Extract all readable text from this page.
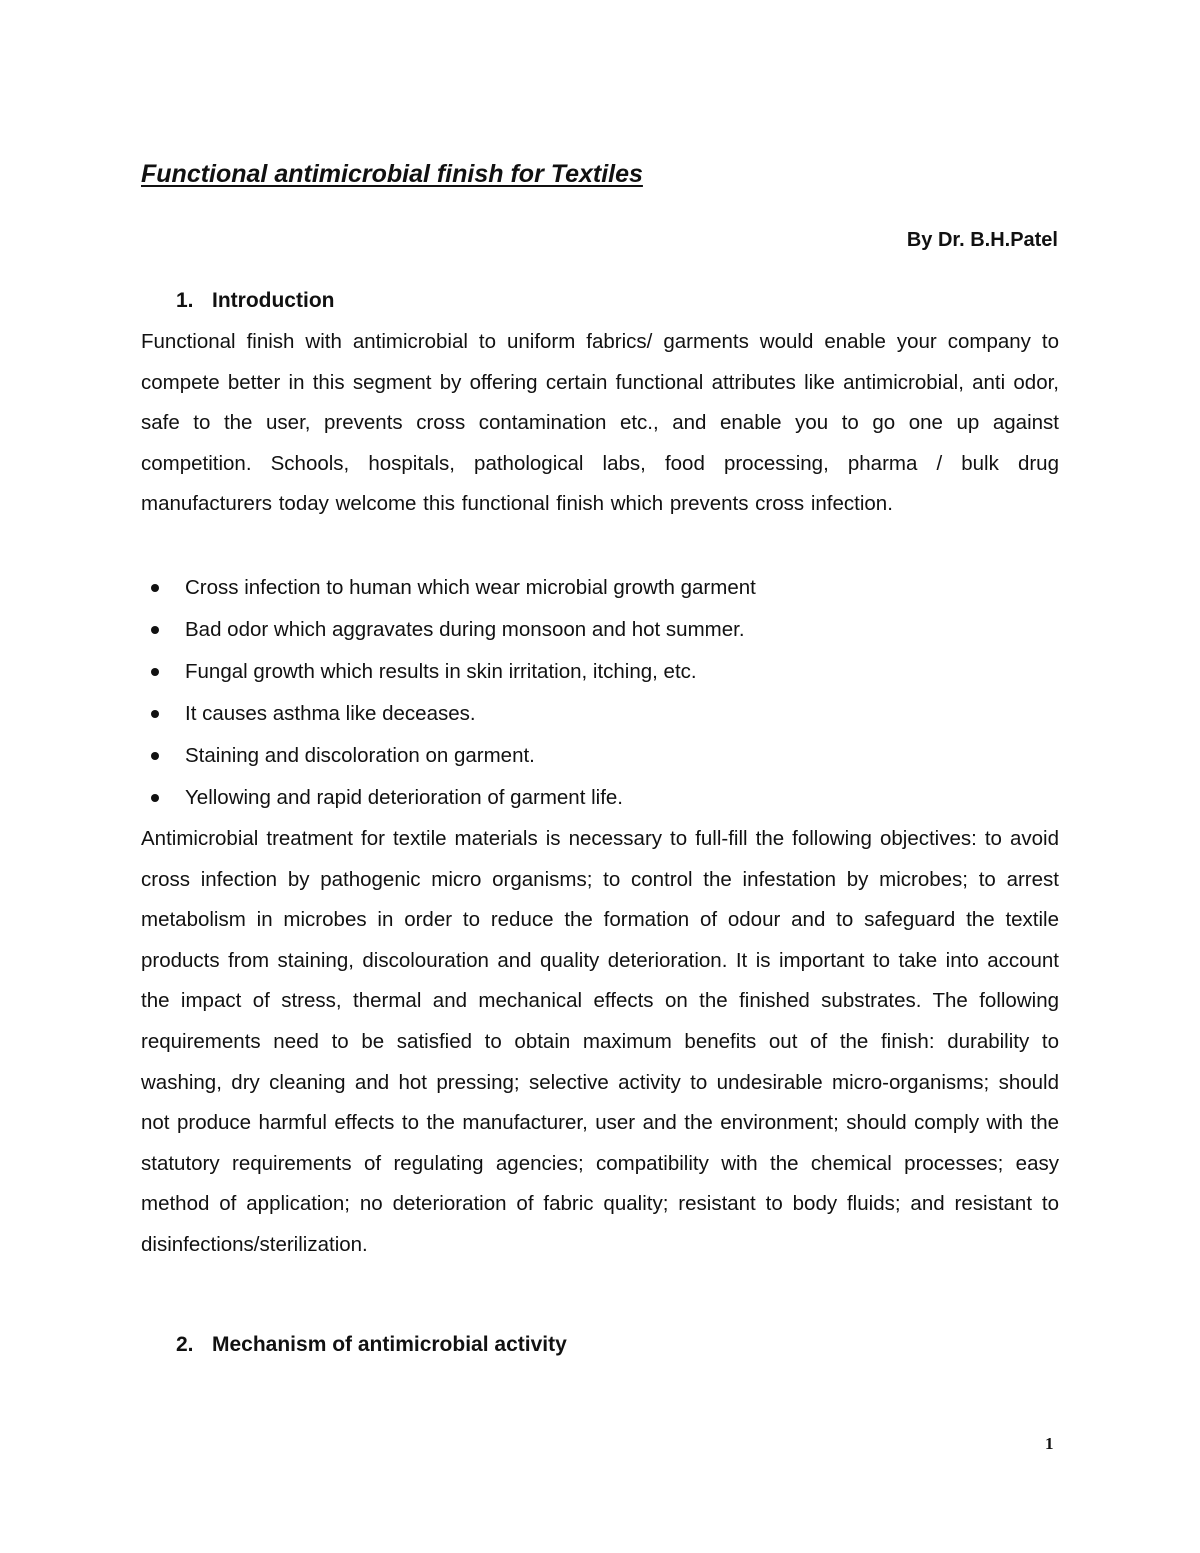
Functional antimicrobial finish for Textiles

By Dr. B.H.Patel

1. Introduction

Functional finish with antimicrobial to uniform fabrics/ garments would enable your company to compete better in this segment by offering certain functional attributes like antimicrobial, anti odor, safe to the user, prevents cross contamination etc., and enable you to go one up against competition. Schools, hospitals, pathological labs, food processing, pharma / bulk drug manufacturers today welcome this functional finish which prevents cross infection.

Cross infection to human which wear microbial growth garment
Bad odor which aggravates during monsoon and hot summer.
Fungal growth which results in skin irritation, itching, etc.
It causes asthma like deceases.
Staining and discoloration on garment.
Yellowing and rapid deterioration of garment life.

Antimicrobial treatment for textile materials is necessary to full-fill the following objectives: to avoid cross infection by pathogenic micro organisms; to control the infestation by microbes; to arrest metabolism in microbes in order to reduce the formation of odour and to safeguard the textile products from staining, discolouration and quality deterioration. It is important to take into account the impact of stress, thermal and mechanical effects on the finished substrates. The following requirements need to be satisfied to obtain maximum benefits out of the finish: durability to washing, dry cleaning and hot pressing; selective activity to undesirable micro-organisms; should not produce harmful effects to the manufacturer, user and the environment; should comply with the statutory requirements of regulating agencies; compatibility with the chemical processes; easy method of application; no deterioration of fabric quality; resistant to body fluids; and resistant to disinfections/sterilization.

2. Mechanism of antimicrobial activity

1
